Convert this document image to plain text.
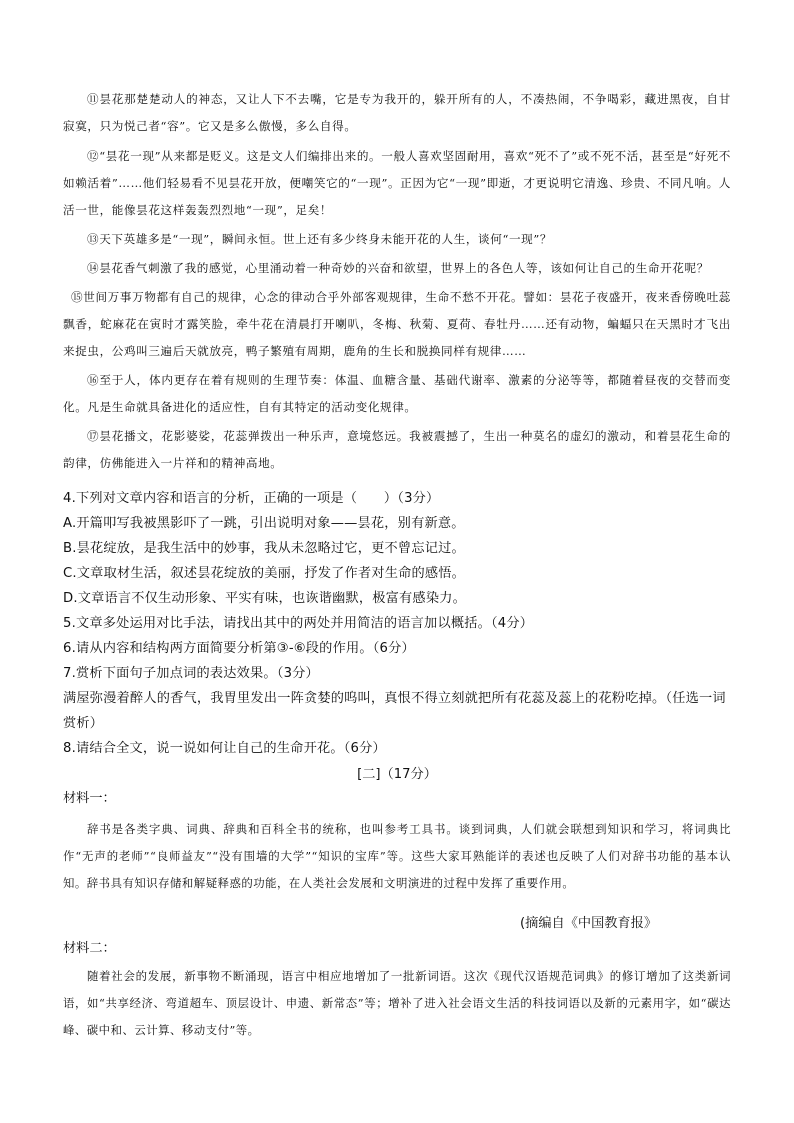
⑪昙花那楚楚动人的神态，又让人下不去嘴，它是专为我开的，躲开所有的人，不凑热闹，不争喝彩，藏进黑夜，自甘寂寞，只为悦己者“容”。它又是多么傲慢，多么自得。

⑫“昙花一现”从来都是贬义。这是文人们编排出来的。一般人喜欢坚固耐用，喜欢“死不了”或不死不活，甚至是“好死不如赖活着”……他们轻易看不见昙花开放，便嘲笑它的“一现”。正因为它“一现”即逝，才更说明它清逸、珍贵、不同凡响。人活一世，能像昙花这样轰轰烈烈地“一现”，足矣！

⑬天下英雄多是“一现”，瞬间永恒。世上还有多少终身未能开花的人生，谈何“一现”？

⑭昙花香气刺激了我的感觉，心里涌动着一种奇妙的兴奋和欲望，世界上的各色人等，该如何让自己的生命开花呢？

⑮世间万事万物都有自己的规律，心念的律动合乎外部客观规律，生命不愁不开花。譬如：昙花子夜盛开，夜来香傍晚吐蕊飘香，蛇麻花在寅时才露笑脸，牵牛花在清晨打开喇叭，冬梅、秋菊、夏荷、春牡丹……还有动物，蝙蝠只在天黑时才飞出来捉虫，公鸡叫三遍后天就放亮，鸭子繁殖有周期，鹿角的生长和脱换同样有规律……

⑯至于人，体内更存在着有规则的生理节奏：体温、血糖含量、基础代谢率、激素的分泌等等，都随着昼夜的交替而变化。凡是生命就具备进化的适应性，自有其特定的活动变化规律。

⑰昙花播文，花影婆娑，花蕊弹拨出一种乐声，意境悠远。我被震撼了，生出一种莫名的虚幻的激动，和着昙花生命的韵律，仿佛能进入一片祥和的精神高地。

4.下列对文章内容和语言的分析，正确的一项是（　　）（3分）

A.开篇叩写我被黑影吓了一跳，引出说明对象——昙花，别有新意。

B.昙花绽放，是我生活中的妙事，我从未忽略过它，更不曾忘记过。

C.文章取材生活，叙述昙花绽放的美丽，抒发了作者对生命的感悟。

D.文章语言不仅生动形象、平实有味，也诙谐幽默，极富有感染力。

5.文章多处运用对比手法，请找出其中的两处并用简洁的语言加以概括。（4分）

6.请从内容和结构两方面简要分析第③-⑥段的作用。（6分）

7.赏析下面句子加点词的表达效果。（3分）

满屋弥漫着醉人的香气，我胃里发出一阵贪婪的呜叫，真恨不得立刻就把所有花蕊及蕊上的花粉吃掉。（任选一词赏析）

8.请结合全文，说一说如何让自己的生命开花。（6分）

[二]（17分）

材料一：

辞书是各类字典、词典、辞典和百科全书的统称，也叫参考工具书。谈到词典，人们就会联想到知识和学习，将词典比作“无声的老师”“良师益友”“没有围墙的大学”“知识的宝库”等。这些大家耳熟能详的表述也反映了人们对辞书功能的基本认知。辞书具有知识存储和解疑释惑的功能，在人类社会发展和文明演进的过程中发挥了重要作用。

(摘编自《中国教育报》

材料二：

随着社会的发展，新事物不断涌现，语言中相应地增加了一批新词语。这次《现代汉语规范词典》的修订增加了这类新词语，如“共享经济、弯道超车、顶层设计、申遗、新常态”等；增补了进入社会语文生活的科技词语以及新的元素用字，如“碳达峰、碳中和、云计算、移动支付”等。
